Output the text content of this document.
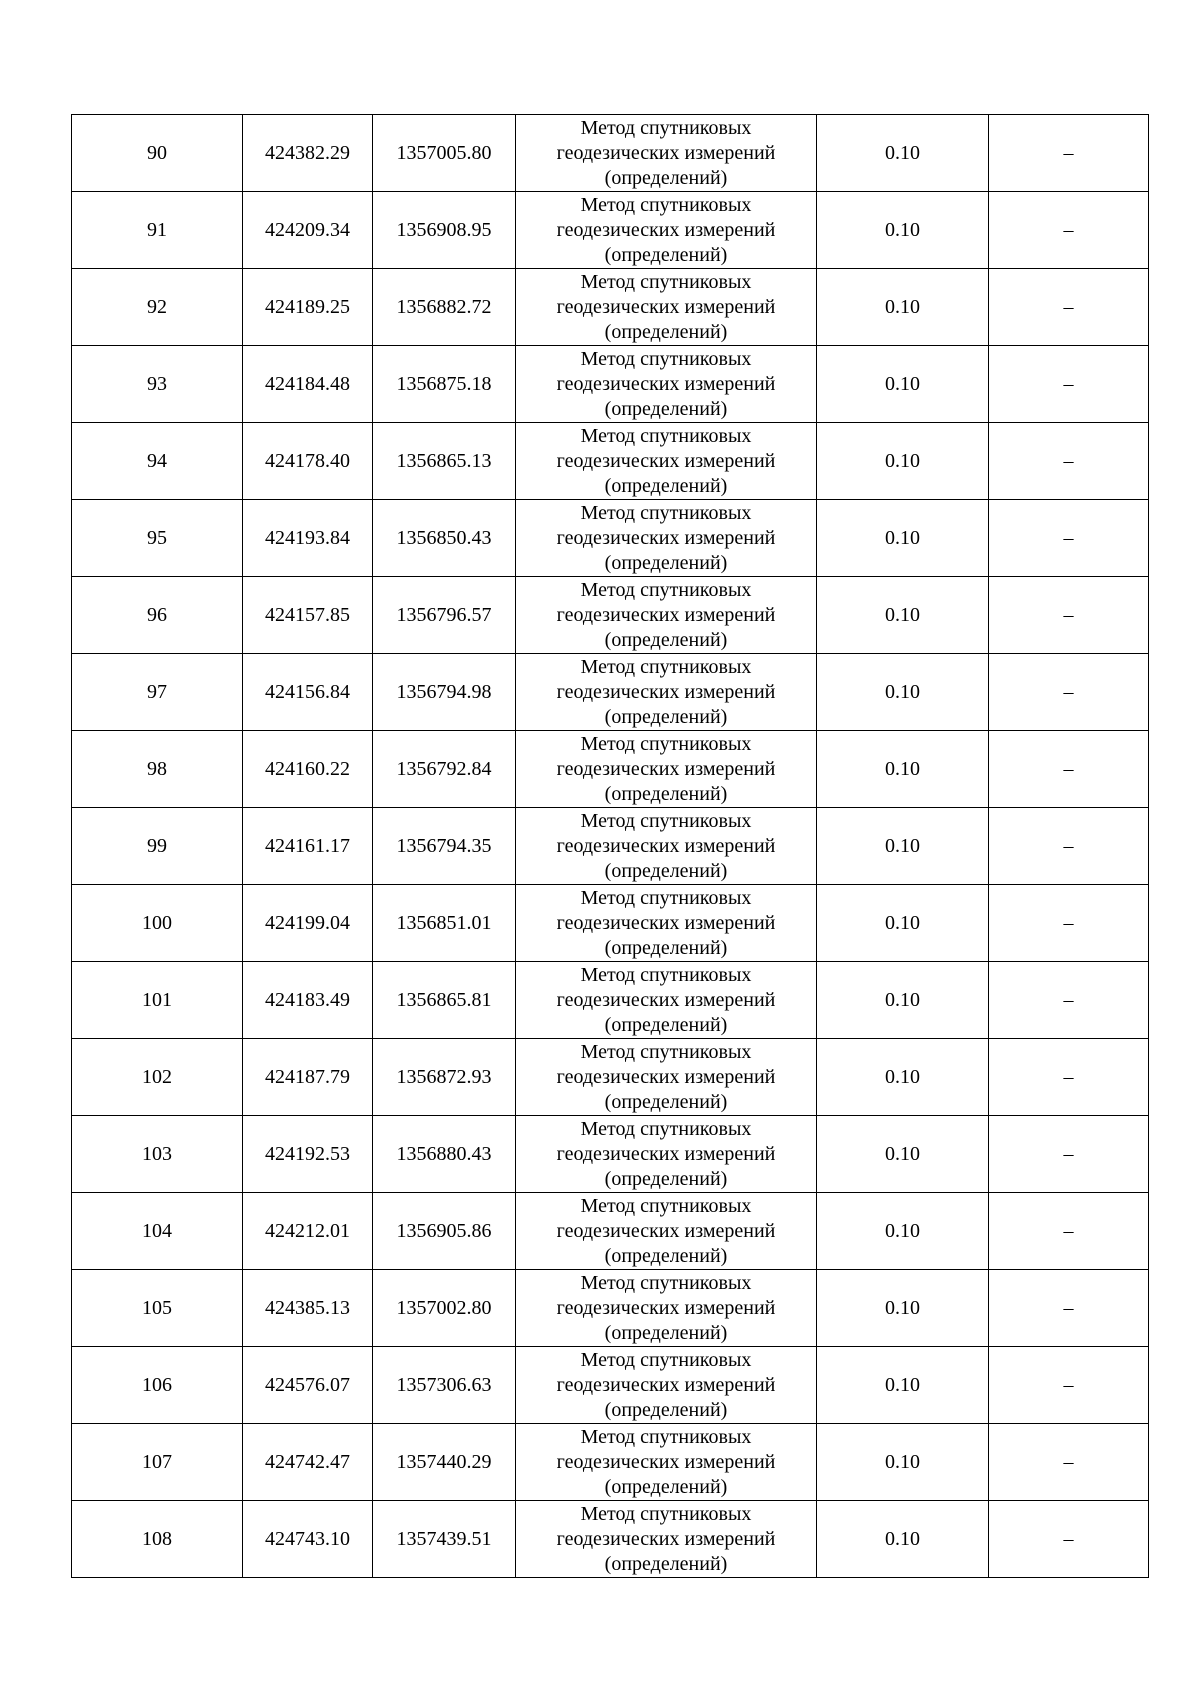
90	424382.29	1357005.80	Метод спутниковых
геодезических измерений
(определений)	0.10	–
91	424209.34	1356908.95	Метод спутниковых
геодезических измерений
(определений)	0.10	–
92	424189.25	1356882.72	Метод спутниковых
геодезических измерений
(определений)	0.10	–
93	424184.48	1356875.18	Метод спутниковых
геодезических измерений
(определений)	0.10	–
94	424178.40	1356865.13	Метод спутниковых
геодезических измерений
(определений)	0.10	–
95	424193.84	1356850.43	Метод спутниковых
геодезических измерений
(определений)	0.10	–
96	424157.85	1356796.57	Метод спутниковых
геодезических измерений
(определений)	0.10	–
97	424156.84	1356794.98	Метод спутниковых
геодезических измерений
(определений)	0.10	–
98	424160.22	1356792.84	Метод спутниковых
геодезических измерений
(определений)	0.10	–
99	424161.17	1356794.35	Метод спутниковых
геодезических измерений
(определений)	0.10	–
100	424199.04	1356851.01	Метод спутниковых
геодезических измерений
(определений)	0.10	–
101	424183.49	1356865.81	Метод спутниковых
геодезических измерений
(определений)	0.10	–
102	424187.79	1356872.93	Метод спутниковых
геодезических измерений
(определений)	0.10	–
103	424192.53	1356880.43	Метод спутниковых
геодезических измерений
(определений)	0.10	–
104	424212.01	1356905.86	Метод спутниковых
геодезических измерений
(определений)	0.10	–
105	424385.13	1357002.80	Метод спутниковых
геодезических измерений
(определений)	0.10	–
106	424576.07	1357306.63	Метод спутниковых
геодезических измерений
(определений)	0.10	–
107	424742.47	1357440.29	Метод спутниковых
геодезических измерений
(определений)	0.10	–
108	424743.10	1357439.51	Метод спутниковых
геодезических измерений
(определений)	0.10	–
